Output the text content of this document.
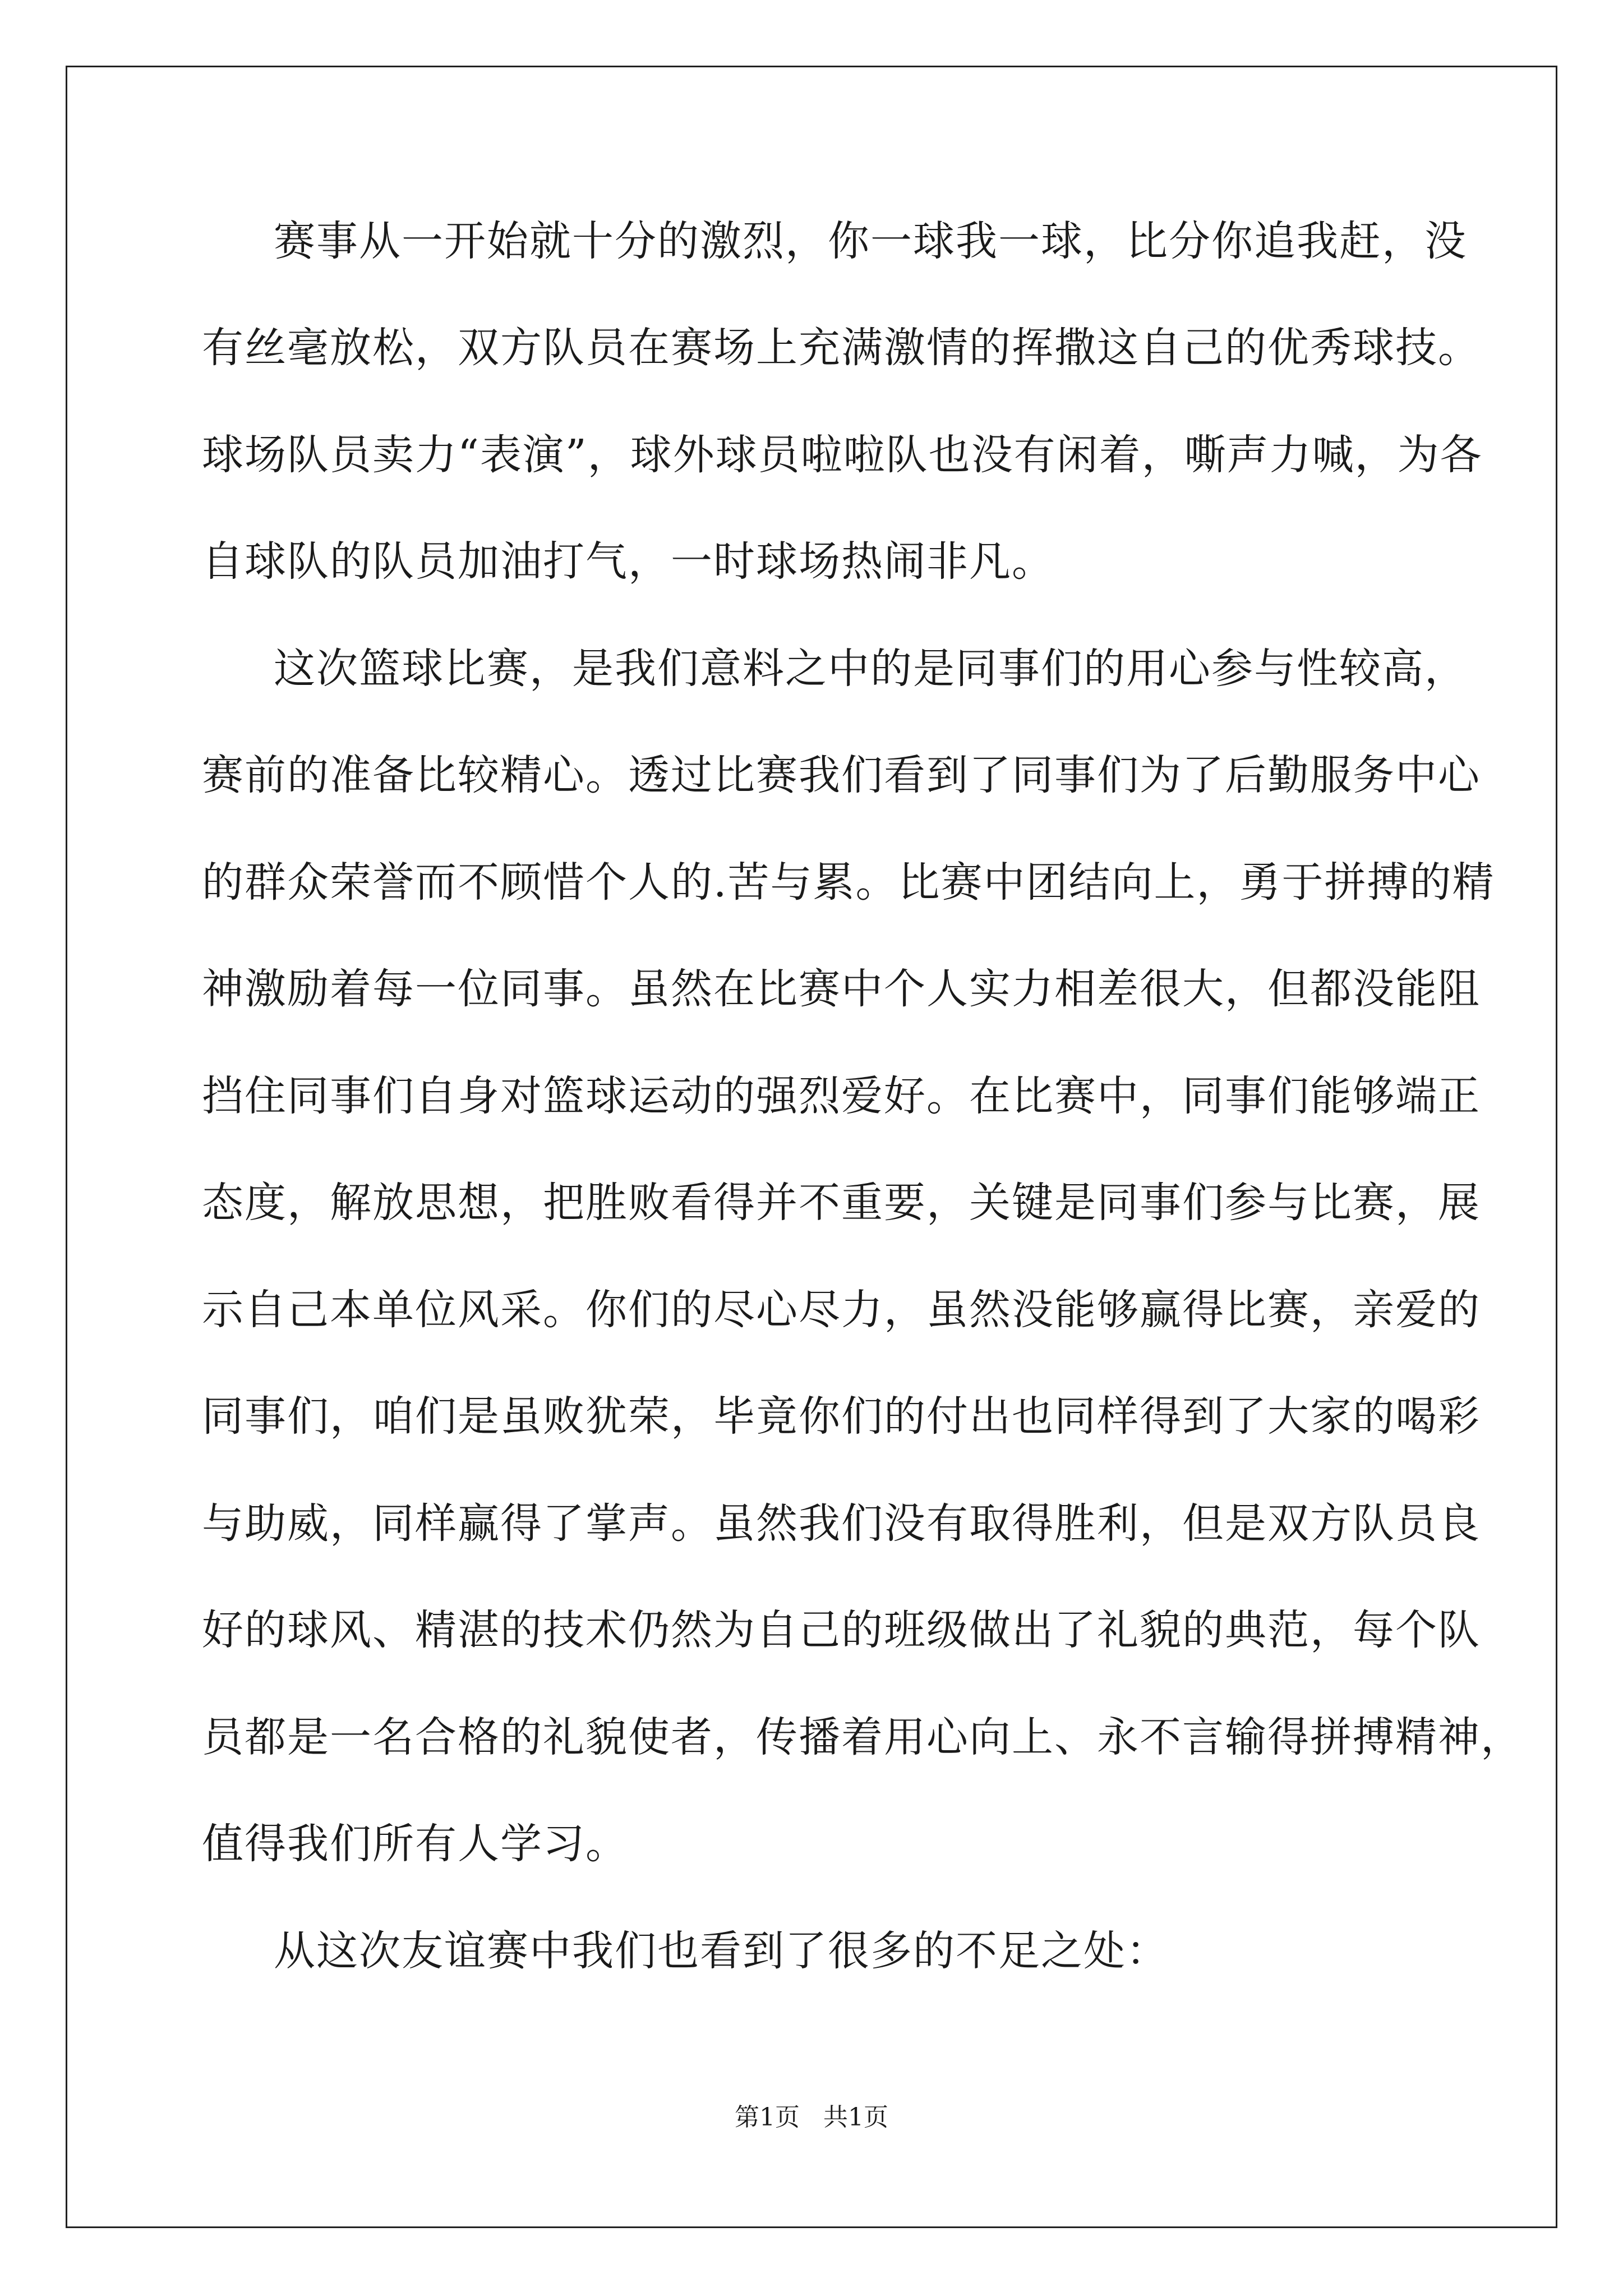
赛事从一开始就十分的激烈，你一球我一球，比分你追我赶，没
有丝毫放松，双方队员在赛场上充满激情的挥撒这自己的优秀球技。
球场队员卖力“表演”，球外球员啦啦队也没有闲着，嘶声力喊，为各
自球队的队员加油打气，一时球场热闹非凡。
这次篮球比赛，是我们意料之中的是同事们的用心参与性较高，
赛前的准备比较精心。透过比赛我们看到了同事们为了后勤服务中心
的群众荣誉而不顾惜个人的.苦与累。比赛中团结向上，勇于拼搏的精
神激励着每一位同事。虽然在比赛中个人实力相差很大，但都没能阻
挡住同事们自身对篮球运动的强烈爱好。在比赛中，同事们能够端正
态度，解放思想，把胜败看得并不重要，关键是同事们参与比赛，展
示自己本单位风采。你们的尽心尽力，虽然没能够赢得比赛，亲爱的
同事们，咱们是虽败犹荣，毕竟你们的付出也同样得到了大家的喝彩
与助威，同样赢得了掌声。虽然我们没有取得胜利，但是双方队员良
好的球风、精湛的技术仍然为自己的班级做出了礼貌的典范，每个队
员都是一名合格的礼貌使者，传播着用心向上、永不言输得拼搏精神，
值得我们所有人学习。
从这次友谊赛中我们也看到了很多的不足之处：
第1页   共1页
